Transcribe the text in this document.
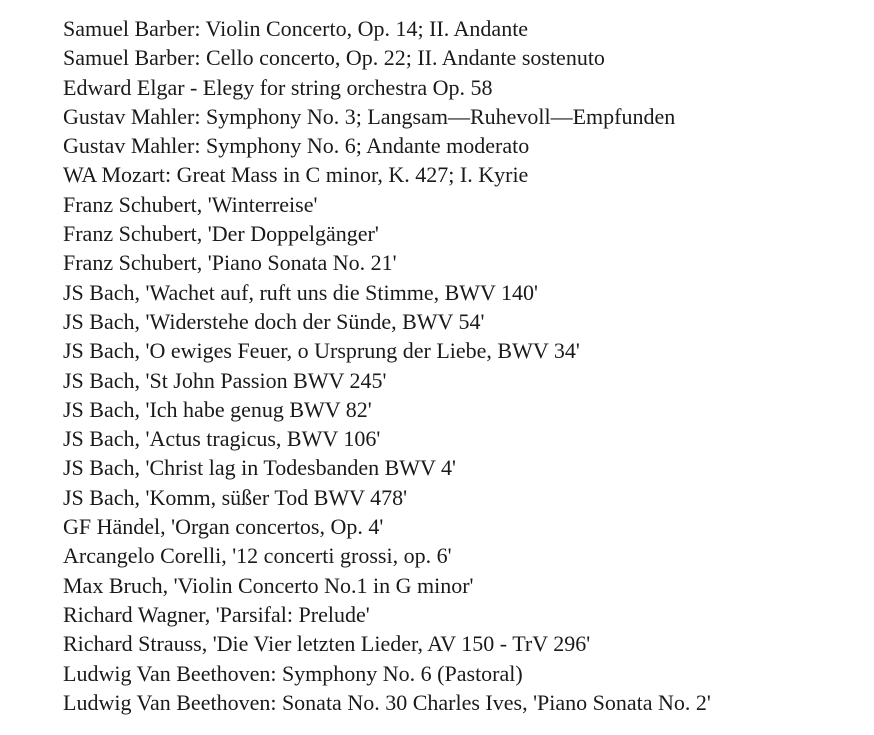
Samuel Barber: Violin Concerto, Op. 14; II. Andante

Samuel Barber: Cello concerto, Op. 22; II. Andante sostenuto

Edward Elgar - Elegy for string orchestra Op. 58

Gustav Mahler: Symphony No. 3; Langsam—Ruhevoll—Empfunden

Gustav Mahler: Symphony No. 6; Andante moderato

WA Mozart: Great Mass in C minor, K. 427; I. Kyrie

Franz Schubert, 'Winterreise'

Franz Schubert, 'Der Doppelgänger'

Franz Schubert, 'Piano Sonata No. 21'

JS Bach, 'Wachet auf, ruft uns die Stimme, BWV 140'

JS Bach, 'Widerstehe doch der Sünde, BWV 54'

JS Bach, 'O ewiges Feuer, o Ursprung der Liebe, BWV 34'

JS Bach, 'St John Passion BWV 245'

JS Bach, 'Ich habe genug BWV 82'

JS Bach, 'Actus tragicus, BWV 106'

JS Bach, 'Christ lag in Todesbanden BWV 4'

JS Bach, 'Komm, süßer Tod BWV 478'

GF Händel, 'Organ concertos, Op. 4'

Arcangelo Corelli, '12 concerti grossi, op. 6'

Max Bruch, 'Violin Concerto No.1 in G minor'

Richard Wagner, 'Parsifal: Prelude'

Richard Strauss, 'Die Vier letzten Lieder, AV 150 - TrV 296'

Ludwig Van Beethoven: Symphony No. 6 (Pastoral)

Ludwig Van Beethoven: Sonata No. 30 Charles Ives, 'Piano Sonata No. 2'
